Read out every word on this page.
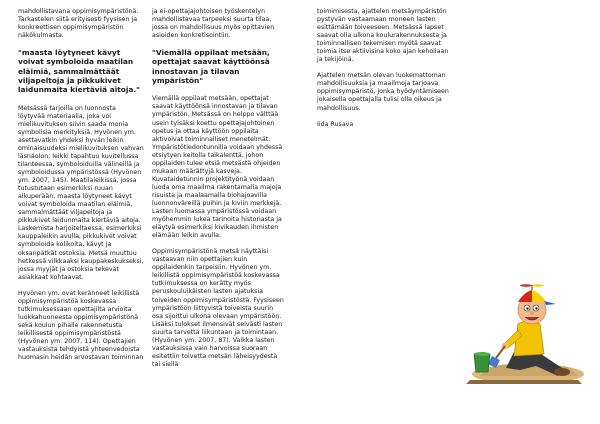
mahdollistavana oppimisympäristönä. Tarkastelen siitä erityisesti fyysisen ja konkreettisen oppimisympäristön näkökulmasta.

"maasta löytyneet kävyt voivat symboloida maatilan eläimiä, sammalmättäät viljapeltoja ja pikkukivet laidunmaita kiertäviä aitoja."

Metsässä tarjoilla on luonnosta löytyvää materiaalia, joka voi mielikuvituksen siivin saada monia symbolisia merkityksiä. Hyvönen ym. asettavatkin yhdeksi hyvän leikin ominaisuudeksi mielikuvituksen vahvan läsnäolon; leikki tapahtuu kuvitellussa tilanteessa, symboloiduilla välineillä ja symboloidussa ympäristössä (Hyvönen ym. 2007, 145). Maatilaleikissä, jossa tutustutaan esimerkiksi ruuan alkuperään, maasta löytyneet kävyt voivat symboloida maatilan eläimiä, sammalmättäät viljapeltoja ja pikkukivet laidunmaita kiertäviä aitoja. Laskemista harjoiteltaessa, esimerkiksi kauppaleikin avulla, pikkukivet voivat symboloida kolikoita, kävyt ja oksanpätkät ostoksia. Metsä muuttuu hetkessä vilkkaaksi kauppakeskukseksi, jossa myyjät ja ostoksia tekevät asiakkaat kohtaavat.

Hyvönen ym. ovat keränneet leikillistä oppimisympäristöä koskevassa tutkimuksessaan opettajilta arvioita luokkahuoneesta oppimisympäristönä sekä koulun pihalle rakennetusta leikillisestä oppimisympäristöstä (Hyvönen ym. 2007, 114). Opettajien vastauksista tehdyistä yhteenvedoista huomasin heidän arvostavan toiminnan

ja ei-opettajajohtoisen työskentelyn mahdollistavaa tarpeeksi suurta tilaa, jossa on mahdollisuus myös opittavien asioiden konkretisointiin.

"Viemällä oppilaat metsään, opettajat saavat käyttöönsä innostavan ja tilavan ympäristön"

Viemällä oppilaat metsään, opettajat saavat käyttöönsä innostavan ja tilavan ympäristön. Metsässä on helppo välttää usein tylsäksi koettu opettajajohtoinen opetus ja ottaa käyttöön oppilaita aktivoivat toiminnalliset menetelmät. Ympäristötiedontunnilla voidaan yhdessä etsiytyen keitolla taikalenttä, johon oppilaiden tulee etsiä metsästä ohjeiden mukaan määrättyjä kasveja. Kuvataidetunnin projektityönä voidaan luoda oma maailma rakentamalla majoja risuista ja maalaamalla biohajoavilla luonnonväreillä puihin ja kiviin merkkejä. Lasten luomassa ympäristössä voidaan myöhemmin lukea tarinoita historiasta ja eläytyä esimerkiksi kivikauden ihmisten elämään leikin avulla.

Oppimisympäristönä metsä näyttäisi vastaavan niin opettajien kuin oppilaidenkin tarpeisiin. Hyvönen ym. leikillistä oppimisympäristöä koskevassa tutkimuksessa on kerätty myös peruskouluikäisten lasten ajatuksia toiveiden oppimisympäristöstä. Fyysiseen ympäristöön liittyvistä toiveista suurin osa sijoittui ulkona olevaan ympäristöön. Lisäksi tulokset ilmensivät selvästi lasten suurta tarvetta liikuntaan ja toimintaan. (Hyvönen ym. 2007, 87). Vaikka lasten vastauksissa vain harvoissa suoraan esitettiin toivetta metsän läheisyydestä tai siellä

toimimisesta, ajattelen metsäympäristön pystyvän vastaamaan moneen lasten esittämään toiveeseen. Metsässä lapset saavat olla ulkona koulurakennuksesta ja toiminnallisen tekemisen myötä saavat toimia itse aktiivisina koko ajan kehoilaan ja tekijöinä.

Ajattelen metsän olevan luokemattoman mahdollisuuksia ja maailmoja tarjoava oppimisympäristö, jonka hyödyntämiseen jokaisella opettajalla tulisi olla oikeus ja mahdollisuus.

Iida Rusava
